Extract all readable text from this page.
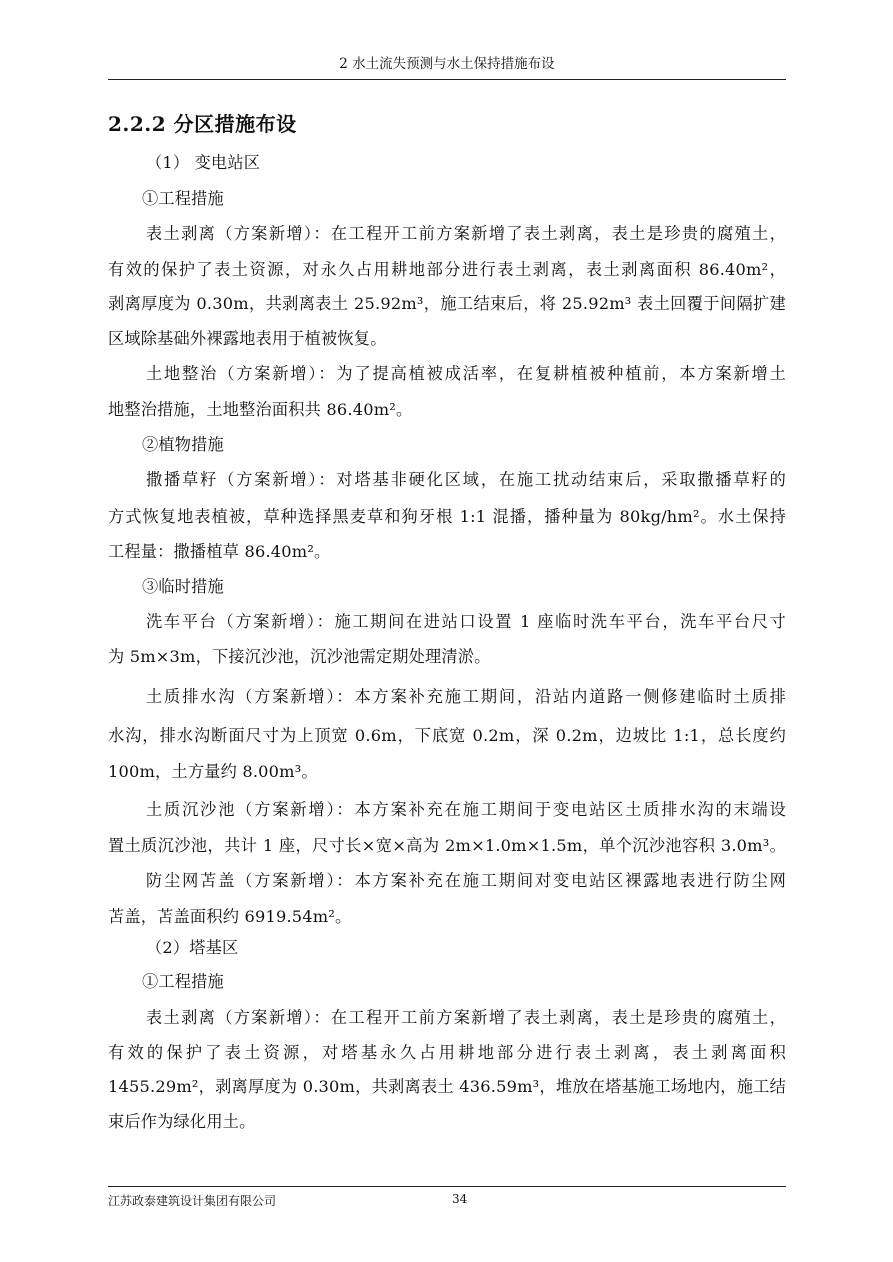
2 水土流失预测与水土保持措施布设
2.2.2 分区措施布设
（1） 变电站区
①工程措施
表土剥离（方案新增）：在工程开工前方案新增了表土剥离，表土是珍贵的腐殖土，
有效的保护了表土资源，对永久占用耕地部分进行表土剥离，表土剥离面积 86.40m²，
剥离厚度为 0.30m，共剥离表土 25.92m³，施工结束后，将 25.92m³ 表土回覆于间隔扩建
区域除基础外裸露地表用于植被恢复。
土地整治（方案新增）：为了提高植被成活率，在复耕植被种植前，本方案新增土
地整治措施，土地整治面积共 86.40m²。
②植物措施
撒播草籽（方案新增）：对塔基非硬化区域，在施工扰动结束后，采取撒播草籽的
方式恢复地表植被，草种选择黑麦草和狗牙根 1:1 混播，播种量为 80kg/hm²。水土保持
工程量：撒播植草 86.40m²。
③临时措施
洗车平台（方案新增）：施工期间在进站口设置 1 座临时洗车平台，洗车平台尺寸
为 5m×3m，下接沉沙池，沉沙池需定期处理清淤。
土质排水沟（方案新增）：本方案补充施工期间，沿站内道路一侧修建临时土质排
水沟，排水沟断面尺寸为上顶宽 0.6m，下底宽 0.2m，深 0.2m，边坡比 1:1，总长度约
100m，土方量约 8.00m³。
土质沉沙池（方案新增）：本方案补充在施工期间于变电站区土质排水沟的末端设
置土质沉沙池，共计 1 座，尺寸长×宽×高为 2m×1.0m×1.5m，单个沉沙池容积 3.0m³。
防尘网苫盖（方案新增）：本方案补充在施工期间对变电站区裸露地表进行防尘网
苫盖，苫盖面积约 6919.54m²。
（2）塔基区
①工程措施
表土剥离（方案新增）：在工程开工前方案新增了表土剥离，表土是珍贵的腐殖土，
有效的保护了表土资源，对塔基永久占用耕地部分进行表土剥离，表土剥离面积
1455.29m²，剥离厚度为 0.30m，共剥离表土 436.59m³，堆放在塔基施工场地内，施工结
束后作为绿化用土。
江苏政泰建筑设计集团有限公司	34
